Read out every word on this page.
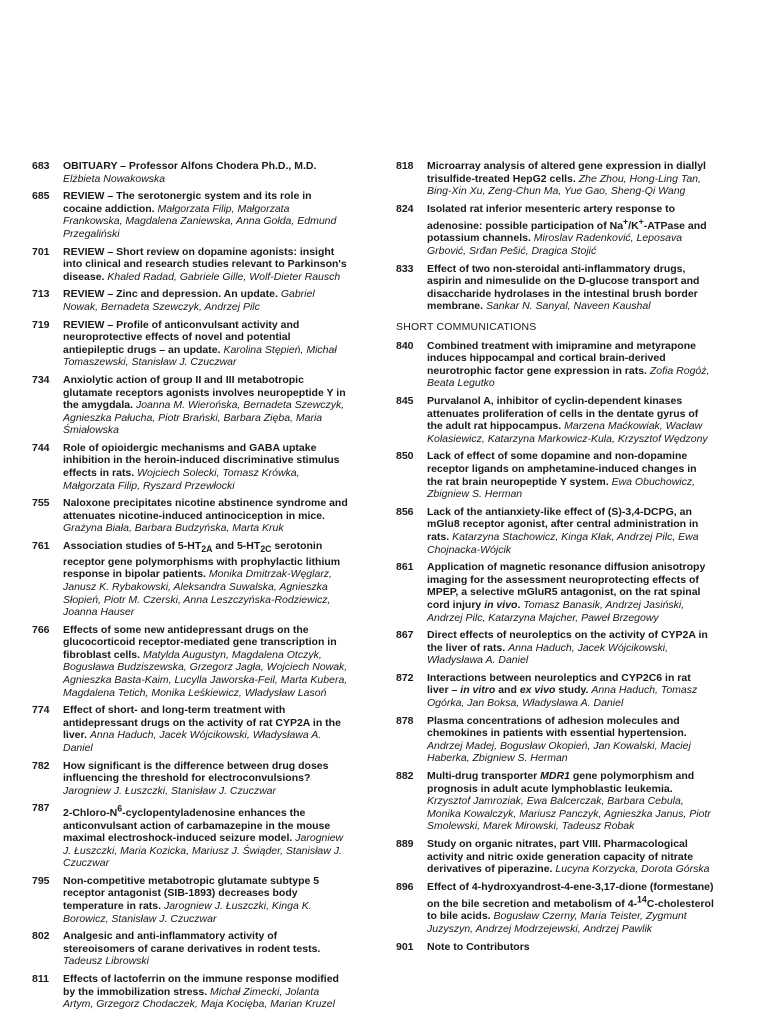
683	OBITUARY – Professor Alfons Chodera Ph.D., M.D. Elżbieta Nowakowska
685	REVIEW – The serotonergic system and its role in cocaine addiction. Małgorzata Filip, Małgorzata Frankowska, Magdalena Zaniewska, Anna Gołda, Edmund Przegaliński
701	REVIEW – Short review on dopamine agonists: insight into clinical and research studies relevant to Parkinson's disease. Khaled Radad, Gabriele Gille, Wolf-Dieter Rausch
713	REVIEW – Zinc and depression. An update. Gabriel Nowak, Bernadeta Szewczyk, Andrzej Pilc
719	REVIEW – Profile of anticonvulsant activity and neuroprotective effects of novel and potential antiepileptic drugs – an update. Karolina Stępień, Michał Tomaszewski, Stanisław J. Czuczwar
734	Anxiolytic action of group II and III metabotropic glutamate receptors agonists involves neuropeptide Y in the amygdala. Joanna M. Wierońska, Bernadeta Szewczyk, Agnieszka Pałucha, Piotr Brański, Barbara Zięba, Maria Śmiałowska
744	Role of opioidergic mechanisms and GABA uptake inhibition in the heroin-induced discriminative stimulus effects in rats. Wojciech Solecki, Tomasz Krówka, Małgorzata Filip, Ryszard Przewłocki
755	Naloxone precipitates nicotine abstinence syndrome and attenuates nicotine-induced antinociception in mice. Grażyna Biała, Barbara Budzyńska, Marta Kruk
761	Association studies of $5-HT_{2A}$ and $5-HT_{2C}$ serotonin receptor gene polymorphisms with prophylactic lithium response in bipolar patients. Monika Dmitrzak-Węglarz, Janusz K. Rybakowski, Aleksandra Suwalska, Agnieszka Słopień, Piotr M. Czerski, Anna Leszczyńska-Rodziewicz, Joanna Hauser
766	Effects of some new antidepressant drugs on the glucocorticoid receptor-mediated gene transcription in fibroblast cells. Matylda Augustyn, Magdalena Otczyk, Bogusława Budziszewska, Grzegorz Jagła, Wojciech Nowak, Agnieszka Basta-Kaim, Lucylla Jaworska-Feil, Marta Kubera, Magdalena Tetich, Monika Leśkiewicz, Władysław Lasoń
774	Effect of short- and long-term treatment with antidepressant drugs on the activity of rat CYP2A in the liver. Anna Haduch, Jacek Wójcikowski, Władysława A. Daniel
782	How significant is the difference between drug doses influencing the threshold for electroconvulsions? Jarogniew J. Łuszczki, Stanisław J. Czuczwar
787	$2-Chloro-N^6$-cyclopentyladenosine enhances the anticonvulsant action of carbamazepine in the mouse maximal electroshock-induced seizure model. Jarogniew J. Łuszczki, Maria Kozicka, Mariusz J. Świąder, Stanisław J. Czuczwar
795	Non-competitive metabotropic glutamate subtype 5 receptor antagonist (SIB-1893) decreases body temperature in rats. Jarogniew J. Łuszczki, Kinga K. Borowicz, Stanisław J. Czuczwar
802	Analgesic and anti-inflammatory activity of stereoisomers of carane derivatives in rodent tests. Tadeusz Librowski
811	Effects of lactoferrin on the immune response modified by the immobilization stress. Michał Zimecki, Jolanta Artym, Grzegorz Chodaczek, Maja Kocięba, Marian Kruzel
818	Microarray analysis of altered gene expression in diallyl trisulfide-treated HepG2 cells. Zhe Zhou, Hong-Ling Tan, Bing-Xin Xu, Zeng-Chun Ma, Yue Gao, Sheng-Qi Wang
824	Isolated rat inferior mesenteric artery response to adenosine: possible participation of Na+/K+-ATPase and potassium channels. Miroslav Radenković, Leposava Grbović, Srđan Pešić, Dragica Stojić
833	Effect of two non-steroidal anti-inflammatory drugs, aspirin and nimesulide on the D-glucose transport and disaccharide hydrolases in the intestinal brush border membrane. Sankar N. Sanyal, Naveen Kaushal
SHORT COMMUNICATIONS
840	Combined treatment with imipramine and metyrapone induces hippocampal and cortical brain-derived neurotrophic factor gene expression in rats. Zofia Rogóż, Beata Legutko
845	Purvalanol A, inhibitor of cyclin-dependent kinases attenuates proliferation of cells in the dentate gyrus of the adult rat hippocampus. Marzena Maćkowiak, Wacław Kolasiewicz, Katarzyna Markowicz-Kula, Krzysztof Wędzony
850	Lack of effect of some dopamine and non-dopamine receptor ligands on amphetamine-induced changes in the rat brain neuropeptide Y system. Ewa Obuchowicz, Zbigniew S. Herman
856	Lack of the antianxiety-like effect of (S)-3,4-DCPG, an mGlu8 receptor agonist, after central administration in rats. Katarzyna Stachowicz, Kinga Kłak, Andrzej Pilc, Ewa Chojnacka-Wójcik
861	Application of magnetic resonance diffusion anisotropy imaging for the assessment neuroprotecting effects of MPEP, a selective mGluR5 antagonist, on the rat spinal cord injury in vivo. Tomasz Banasik, Andrzej Jasiński, Andrzej Pilc, Katarzyna Majcher, Paweł Brzegowy
867	Direct effects of neuroleptics on the activity of CYP2A in the liver of rats. Anna Haduch, Jacek Wójcikowski, Władysława A. Daniel
872	Interactions between neuroleptics and CYP2C6 in rat liver – in vitro and ex vivo study. Anna Haduch, Tomasz Ogórka, Jan Boksa, Władysława A. Daniel
878	Plasma concentrations of adhesion molecules and chemokines in patients with essential hypertension. Andrzej Madej, Bogusław Okopień, Jan Kowalski, Maciej Haberka, Zbigniew S. Herman
882	Multi-drug transporter MDR1 gene polymorphism and prognosis in adult acute lymphoblastic leukemia. Krzysztof Jamroziak, Ewa Balcerczak, Barbara Cebula, Monika Kowalczyk, Mariusz Panczyk, Agnieszka Janus, Piotr Smolewski, Marek Mirowski, Tadeusz Robak
889	Study on organic nitrates, part VIII. Pharmacological activity and nitric oxide generation capacity of nitrate derivatives of piperazine. Lucyna Korzycka, Dorota Górska
896	Effect of 4-hydroxyandrost-4-ene-3,17-dione (formestane) on the bile secretion and metabolism of 4-$^{14}$C-cholesterol to bile acids. Bogusław Czerny, Maria Teister, Zygmunt Juzyszyn, Andrzej Modrzejewski, Andrzej Pawlik
901	Note to Contributors
